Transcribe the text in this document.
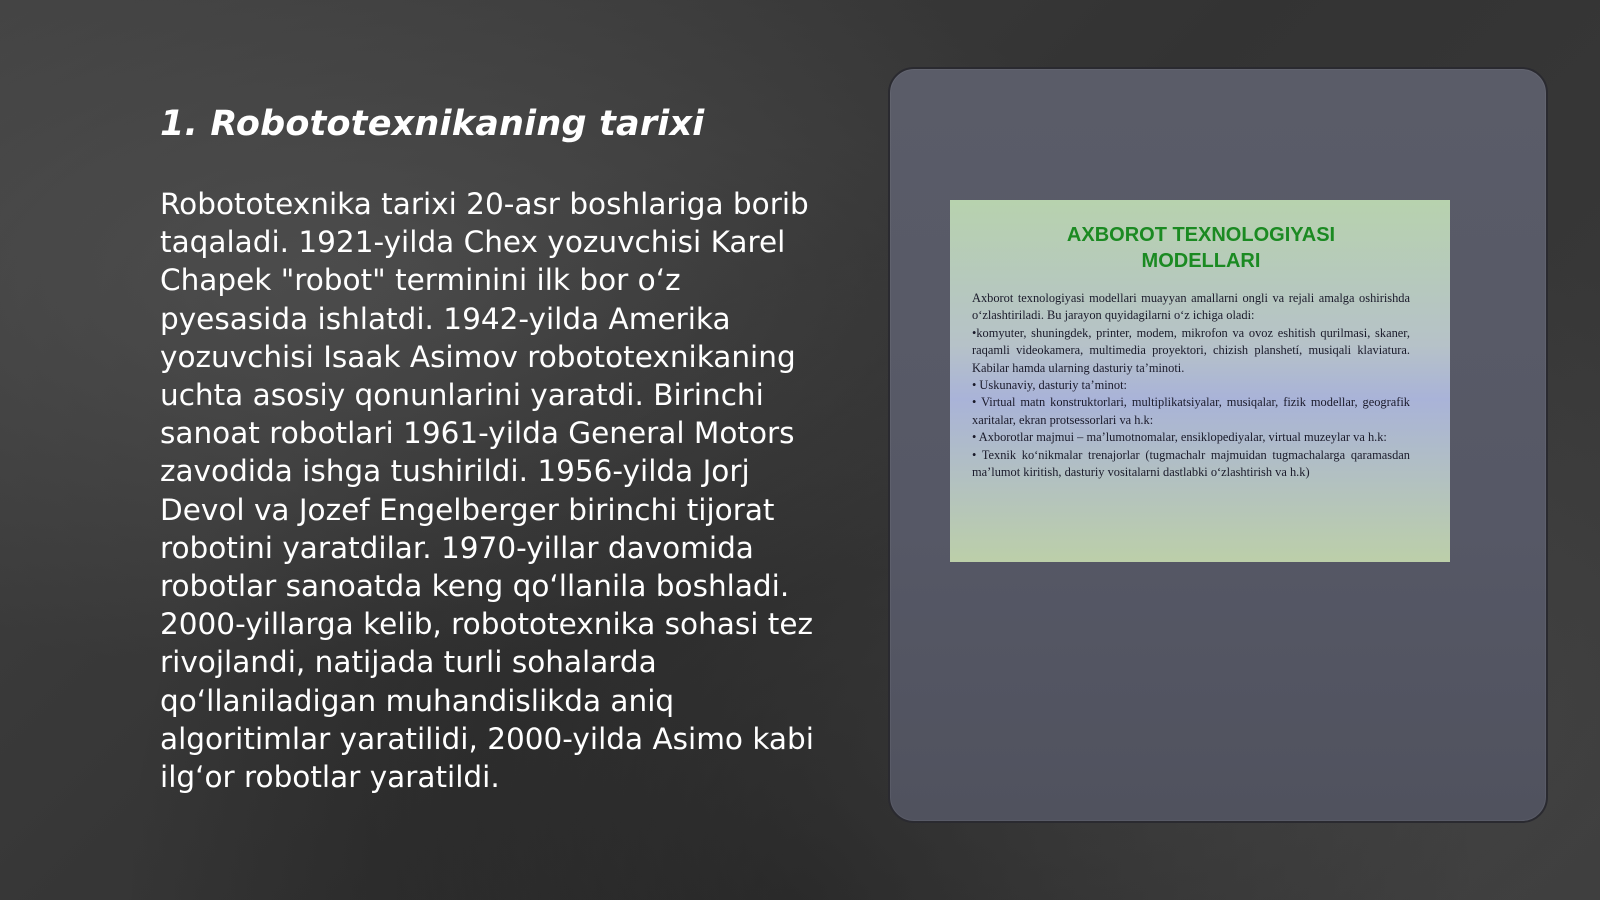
1. Robototexnikaning tarixi

Robototexnika tarixi 20-asr boshlariga borib taqaladi. 1921-yilda Chex yozuvchisi Karel Chapek "robot" terminini ilk bor o‘z pyesasida ishlatdi. 1942-yilda Amerika yozuvchisi Isaak Asimov robototexnikaning uchta asosiy qonunlarini yaratdi. Birinchi sanoat robotlari 1961-yilda General Motors zavodida ishga tushirildi. 1956-yilda Jorj Devol va Jozef Engelberger birinchi tijorat robotini yaratdilar. 1970-yillar davomida robotlar sanoatda keng qo‘llanila boshladi. 2000-yillarga kelib, robototexnika sohasi tez rivojlandi, natijada turli sohalarda qo‘llaniladigan muhandislikda aniq algoritimlar yaratilidi, 2000-yilda Asimo kabi ilg‘or robotlar yaratildi.

AXBOROT TEXNOLOGIYASI
MODELLARI

Axborot texnologiyasi modellari muayyan amallarni ongli va rejali amalga oshirishda o‘zlashtiriladi. Bu jarayon quyidagilarni o‘z ichiga oladi:

•komyuter, shuningdek, printer, modem, mikrofon va ovoz eshitish qurilmasi, skaner, raqamli videokamera, multimedia proyektori, chizish planshetí, musiqali klaviatura. Kabilar hamda ularning dasturiy ta’minoti.

• Uskunaviy, dasturiy ta’minot:

• Virtual matn konstruktorlari, multiplikatsiyalar, musiqalar, fizik modellar, geografik xaritalar, ekran protsessorlari va h.k:

• Axborotlar majmui – ma’lumotnomalar, ensiklopediyalar, virtual muzeylar va h.k:

• Texnik ko‘nikmalar trenajorlar (tugmachalr majmuidan tugmachalarga qaramasdan ma’lumot kiritish, dasturiy vositalarni dastlabki o‘zlashtirish va h.k)
